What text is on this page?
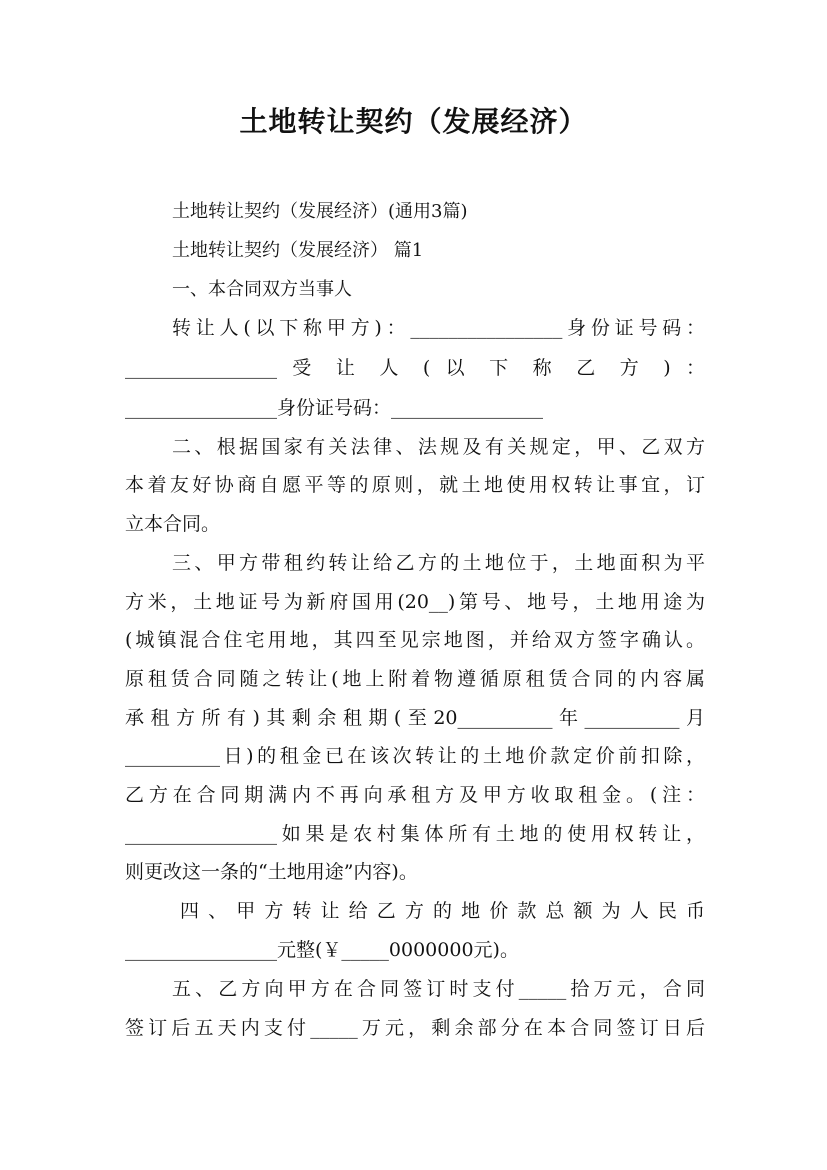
土地转让契约（发展经济）
土地转让契约（发展经济）(通用3篇)
土地转让契约（发展经济） 篇1
一、本合同双方当事人
转让人(以下称甲方)：________________身份证号码：
________________ 受 让 人 ( 以 下 称 乙 方 ) ：
________________身份证号码：________________
二、根据国家有关法律、法规及有关规定，甲、乙双方
本着友好协商自愿平等的原则，就土地使用权转让事宜，订
立本合同。
三、甲方带租约转让给乙方的土地位于，土地面积为平
方米，土地证号为新府国用(20__)第号、地号，土地用途为
(城镇混合住宅用地，其四至见宗地图，并给双方签字确认。
原租赁合同随之转让(地上附着物遵循原租赁合同的内容属
承租方所有)其剩余租期(至20__________年__________月
__________日)的租金已在该次转让的土地价款定价前扣除，
乙方在合同期满内不再向承租方及甲方收取租金。(注：
________________如果是农村集体所有土地的使用权转让，
则更改这一条的“土地用途”内容)。
四、甲方转让给乙方的地价款总额为人民币
________________元整(￥_____0000000元)。
五、乙方向甲方在合同签订时支付_____拾万元，合同
签订后五天内支付_____万元，剩余部分在本合同签订日后
